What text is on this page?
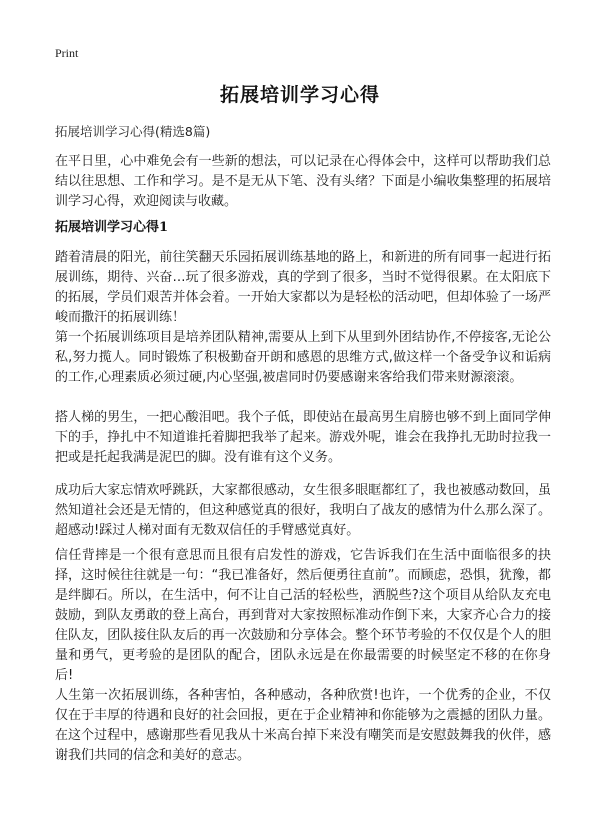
Print
拓展培训学习心得
拓展培训学习心得(精选8篇)

在平日里，心中难免会有一些新的想法，可以记录在心得体会中，这样可以帮助我们总结以往思想、工作和学习。是不是无从下笔、没有头绪？下面是小编收集整理的拓展培训学习心得，欢迎阅读与收藏。

拓展培训学习心得1

踏着清晨的阳光，前往笑翻天乐园拓展训练基地的路上，和新进的所有同事一起进行拓展训练，期待、兴奋…玩了很多游戏，真的学到了很多，当时不觉得很累。在太阳底下的拓展，学员们艰苦并体会着。一开始大家都以为是轻松的活动吧，但却体验了一场严峻而撒汗的拓展训练！

第一个拓展训练项目是培养团队精神,需要从上到下从里到外团结协作,不停接客,无论公私,努力揽人。同时锻炼了积极勤奋开朗和感恩的思维方式,做这样一个备受争议和诟病的工作,心理素质必须过硬,内心坚强,被虐同时仍要感谢来客给我们带来财源滚滚。

搭人梯的男生，一把心酸泪吧。我个子低，即使站在最高男生肩膀也够不到上面同学伸下的手，挣扎中不知道谁托着脚把我举了起来。游戏外呢，谁会在我挣扎无助时拉我一把或是托起我满是泥巴的脚。没有谁有这个义务。

成功后大家忘情欢呼跳跃，大家都很感动，女生很多眼眶都红了，我也被感动数回，虽然知道社会还是无情的，但这种感觉真的很好，我明白了战友的感情为什么那么深了。超感动!踩过人梯对面有无数双信任的手臂感觉真好。

信任背摔是一个很有意思而且很有启发性的游戏，它告诉我们在生活中面临很多的抉择，这时候往往就是一句：“我已准备好，然后便勇往直前”。而顾虑，恐惧，犹豫，都是绊脚石。所以，在生活中，何不让自己活的轻松些，洒脱些?这个项目从给队友充电鼓励，到队友勇敢的登上高台，再到背对大家按照标准动作倒下来，大家齐心合力的接住队友，团队接住队友后的再一次鼓励和分享体会。整个环节考验的不仅仅是个人的胆量和勇气，更考验的是团队的配合，团队永远是在你最需要的时候坚定不移的在你身后!

人生第一次拓展训练，各种害怕，各种感动，各种欣赏!也许，一个优秀的企业，不仅仅在于丰厚的待遇和良好的社会回报，更在于企业精神和你能够为之震撼的团队力量。在这个过程中，感谢那些看见我从十米高台掉下来没有嘲笑而是安慰鼓舞我的伙伴，感谢我们共同的信念和美好的意志。
